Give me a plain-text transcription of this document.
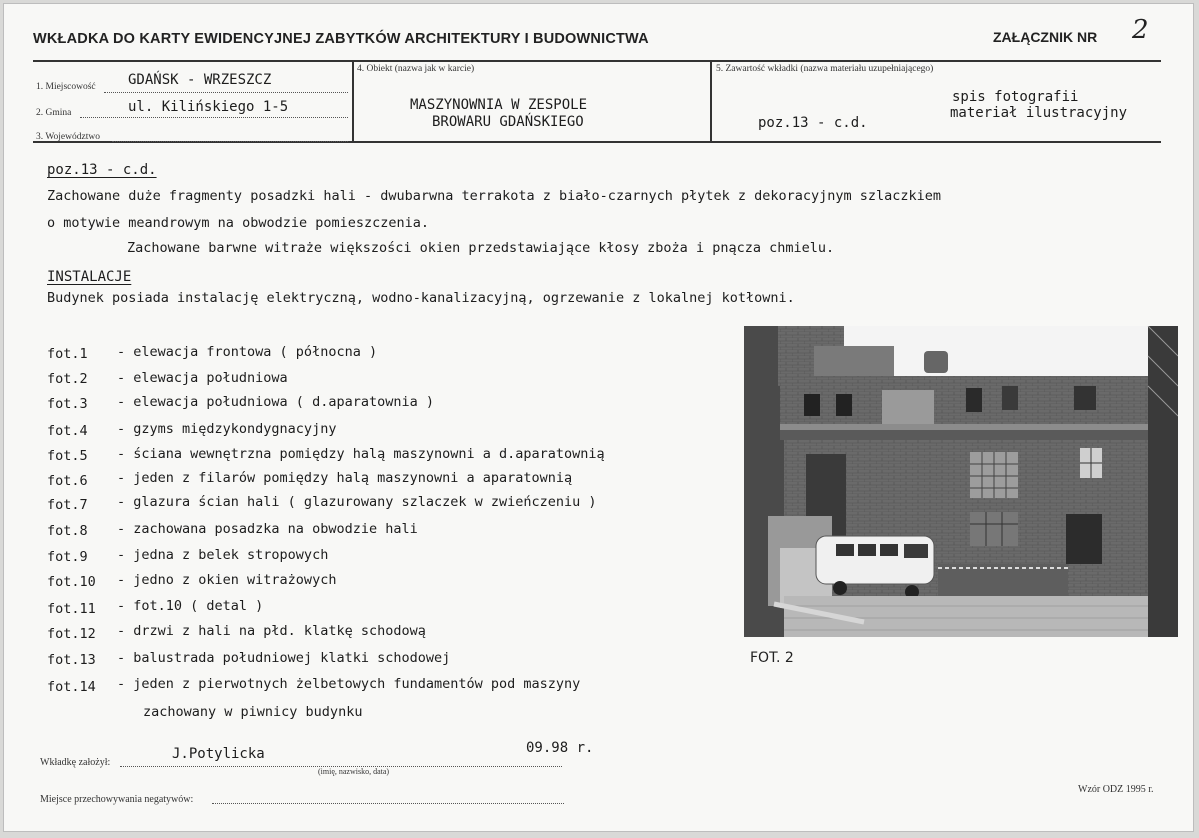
WKŁADKA DO KARTY EWIDENCYJNEJ ZABYTKÓW ARCHITEKTURY I BUDOWNICTWA	ZAŁĄCZNIK NR 2
1. Miejscowość GDAŃSK - WRZESZCZ
2. Gmina	ul. Kilińskiego 1-5
3. Województwo
4. Obiekt (nazwa jak w karcie)
MASZYNOWNIA W ZESPOLE
BROWARU GDAŃSKIEGO
5. Zawartość wkładki (nazwa materiału uzupełniającego)
poz.13 - c.d.
spis fotografii
materiał ilustracyjny
poz.13 - c.d.
Zachowane duże fragmenty posadzki hali - dwubarwna terrakota z biało-czarnych płytek z dekoracyjnym szlaczkiem
o motywie meandrowym na obwodzie pomieszczenia.
Zachowane barwne witraże większości okien przedstawiające kłosy zboża i pnącza chmielu.
INSTALACJE
Budynek posiada instalację elektryczną, wodno-kanalizacyjną, ogrzewanie z lokalnej kotłowni.
fot.1 - elewacja frontowa ( północna )
fot.2 - elewacja południowa
fot.3 - elewacja południowa ( d.aparatownia )
fot.4 - gzyms międzykondygnacyjny
fot.5 - ściana wewnętrzna pomiędzy halą maszynowni a d.aparatownią
fot.6 - jeden z filarów pomiędzy halą maszynowni a aparatownią
fot.7 - glazura ścian hali ( glazurowany szlaczek w zwieńczeniu )
fot.8 - zachowana posadzka na obwodzie hali
fot.9 - jedna z belek stropowych
fot.10 - jedno z okien witrażowych
fot.11 - fot.10 ( detal )
fot.12 - drzwi z hali na płd. klatkę schodową
fot.13 - balustrada południowej klatki schodowej
fot.14 - jeden z pierwotnych żelbetowych fundamentów pod maszyny
zachowany w piwnicy budynku
FOT. 2
Wkładkę założył:
J.Potylicka	09.98 r.
(imię, nazwisko, data)
Miejsce przechowywania negatywów:
Wzór ODZ 1995 r.
